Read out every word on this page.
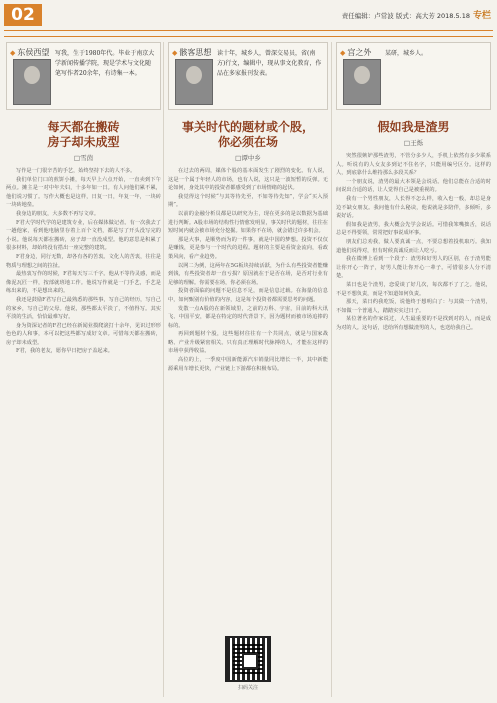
02	责任编辑：卢常波 版式：高大芳 2018.5.18 专栏
◆ 东侯西望 写我，生于1980年代。毕业于南京大学新闻传播学院，现是学术与文化随笔写作者20余年，有诗集一本。
每天都在搬砖
房子却未成型
□雪茵

写作是一门很辛苦的手艺，始终坚持下去的人不多。

我们单位门口的煎饼小摊，每天早上六点开始，一直卖到下午两点。摊主是一对中年夫妇，十多年如一日。有人问他们累不累，他们说习惯了。写作大概也是这样，日复一日，年复一年，一块砖一块砖地垒。

我身边的朋友，大多数不再写文章。

F君大学时代学的是建筑专业，后在媒体做记者。有一次我去了一趟他家，看到他电脑里存着上百个文档，都是写了开头没写完的小说。他说每天都在搬砖，房子却一直没成型。他的意思是积累了很多材料，却始终没有搭出一座完整的建筑。

F君身边，同行无数，却各有各的苦衷。文化人的苦衷，往往是物质与理想之间的拉扯。

最热衷写作的时候，F君每天写三千字。他从不等待灵感，而是像泥瓦匠一样，按部就班地工作。他说写作就是一门手艺，手艺是练出来的，不是想出来的。

我还是鼓励F君写自己最熟悉的那些事，写自己的经历，写自己的家乡，写自己的父母。他说，那些都太平淡了，不值得写。其实平淡的生活，恰恰最难写好。

身为资深记者的F君已经在新闻业摸爬滚打十余年，见识过形形色色的人和事，本可以把这些都写成好文章。可惜每天都在搬砖，房子却未成型。

F君，我的老友，愿你早日把房子盖起来。

◆ 骸客思想 读十年，城乡人，曾深交易员，省(南方)行文，编辑中，现从事文化教育，作品在多家报刊发表。
事关时代的题材或个股，
你必须在场
□谭中乡

在过去的两周，媒体个股的基本面发生了剧烈的变化。有人说，这是一个属于年轻人的市场，也有人说，这只是一波短暂的反弹。无论如何，身处其中的投资者都感受到了市场情绪的起伏。

我觉得这个时候“与其等待先至，不如等待先知”，学会“买入预期”。

以前的金融分析员都是以研究为主，现在更多的是以数据为基础进行判断。A股市场的结构性行情愈发明显，事关时代的题材，往往在短时间内就会被市场充分挖掘。如果你不在场，就会错过许多机会。

那是大事，是顺势而为的一件事，就是中国的梦想。投资不仅仅是赚钱，更是参与一个时代的进程。题材的主要是看资金流向，看政策风向，看产业趋势。

以网二为例，这两年在5G板块持续活跃，为什么有些投资者能赚到钱，有些投资者却一直亏损？原因就在于是否在场，是否对行业有足够的理解。你需要在场，你必须在场。

投资者面临的问题不是信息不足，而是信息过载。在海量的信息中，如何甄别有价值的内容，这是每个投资者都需要思考的问题。

发散一点A股的在新领域里，之前的万科、宇宙，目前的科大讯飞、中国平安，都是在特定的时代背景下，因为题材而被市场追捧的标的。

再回到题材个股，这些题材往往有一个共同点，就是与国家战略、产业升级紧密相关。只有真正理解时代脉搏的人，才能在这样的市场中获得收益。

高位的上，一季度中国新能源汽车销量同比增长一半，其中新能源乘用车增长更快，产业链上下游都在积极布局。

扫码关注
◆ 宫之外 某研，城乡人。
假如我是渣男
□王烁

突然很嫉妒那些渣男，不管分多少人，手机上依然有多少联系人。听说有的人女友多到记不住名字，只能用编号区分。这样的人，到底靠什么维持那么多段关系？

一个朋友说，渣男的最大本领是会说话。他们总能在合适的时间说出合适的话，让人觉得自己是被重视的。

我有一个男性朋友，人长得不怎么样，收入也一般，却总是身边不缺女朋友。我问他有什么秘诀，他说就是多陪伴，多倾听，多说好话。

假如我是渣男，我大概会先学会说话。可惜我笨嘴拙舌，说话总是不得要领，常常把好事说成坏事。

朋友们总劝我，做人要真诚一点，不要总想着投机取巧。我知道他们说得对，但有时候真诚反而让人吃亏。

我在微博上看到一个段子：渣男和好男人的区别，在于渣男能让你开心一阵子，好男人能让你开心一辈子。可惜很多人分不清楚。

菜日也是个渣男，恋爱谈了好几次，每次都不了了之。他说，不是不想负责，而是不知道如何负责。

那天，菜日约我吃饭，说他终于想明白了：与其做一个渣男，不如做一个普通人，踏踏实实过日子。

某位著名的作家说过，人生最重要的不是找到对的人，而是成为对的人。这句话，送给所有想做渣男的人，也送给我自己。
